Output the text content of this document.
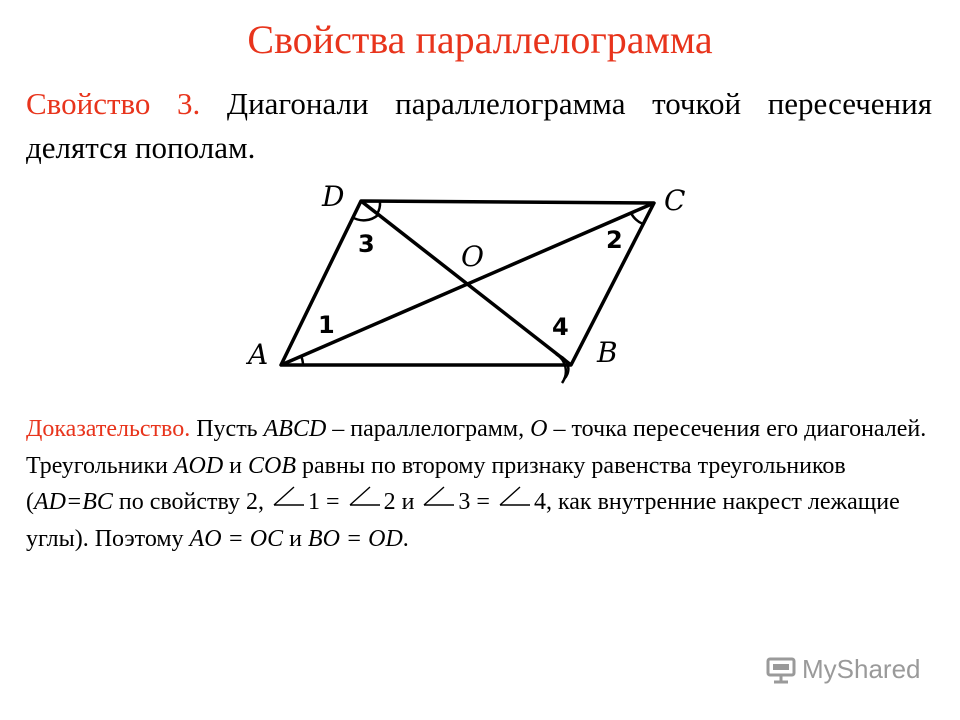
Свойства параллелограмма
Свойство 3. Диагонали параллелограмма точкой пересечения делятся пополам.
A	B
C
D
O
1
2
3
4
Доказательство. Пусть ABCD – параллелограмм, O – точка пересечения его диагоналей. Треугольники AOD и COB равны по второму признаку равенства треугольников (AD=BC по свойству 2,
1 =
2 и
3 =
4, как внутренние накрест лежащие углы). Поэтому AO = OC и BO = OD.
MyShared
